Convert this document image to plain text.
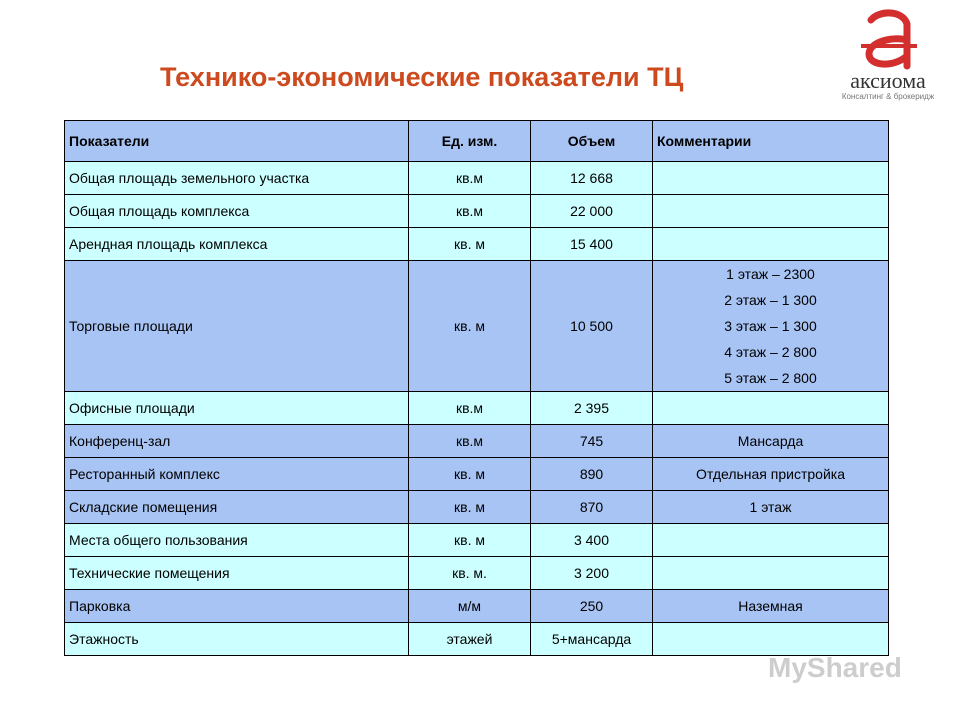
Технико-экономические показатели ТЦ	аксиома
Консалтинг & брокеридж
Показатели	Ед. изм.	Объем	Комментарии
Общая площадь земельного участка	кв.м	12 668	
Общая площадь комплекса	кв.м	22 000	
Арендная площадь комплекса	кв. м	15 400	
Торговые площади	кв. м	10 500	1 этаж – 2300
2 этаж – 1 300
3 этаж – 1 300
4 этаж – 2 800
5 этаж – 2 800

Офисные площади	кв.м	2 395	
Конференц-зал	кв.м	745	Мансарда
Ресторанный комплекс	кв. м	890	Отдельная пристройка
Складские помещения	кв. м	870	1 этаж
Места общего пользования	кв. м	3 400	
Технические помещения	кв. м.	3 200	
Парковка	м/м	250	Наземная
Этажность	этажей	5+мансарда	
MyShared
